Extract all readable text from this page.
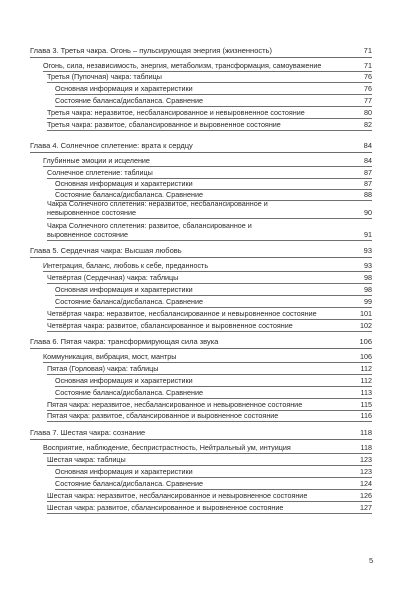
Глава 3. Третья чакра. Огонь – пульсирующая энергия (жизненность)	71
Огонь, сила, независимость, энергия, метаболизм, трансформация, самоуважение	71
Третья (Пупочная) чакра: таблицы	76
Основная информация и характеристики	76
Состояние баланса/дисбаланса. Сравнение	77
Третья чакра: неразвитое, несбалансированное и невыровненное состояние	80
Третья чакра: развитое, сбалансированное и выровненное состояние	82
Глава 4. Солнечное сплетение: врата к сердцу	84
Глубинные эмоции и исцеление	84
Солнечное сплетение: таблицы	87
Основная информация и характеристики	87
Состояние баланса/дисбаланса. Сравнение	88
Чакра Солнечного сплетения: неразвитое, несбалансированное и невыровненное состояние	90
Чакра Солнечного сплетения: развитое, сбалансированное и выровненное состояние	91
Глава 5. Сердечная чакра: Высшая любовь	93
Интеграция, баланс, любовь к себе, преданность	93
Четвёртая (Сердечная) чакра: таблицы	98
Основная информация и характеристики	98
Состояние баланса/дисбаланса. Сравнение	99
Четвёртая чакра: неразвитое, несбалансированное и невыровненное состояние	101
Четвёртая чакра: развитое, сбалансированное и выровненное состояние	102
Глава 6. Пятая чакра: трансформирующая сила звука	106
Коммуникация, вибрация, мост, мантры	106
Пятая (Горловая) чакра: таблицы	112
Основная информация и характеристики	112
Состояние баланса/дисбаланса. Сравнение	113
Пятая чакра: неразвитое, несбалансированное и невыровненное состояние	115
Пятая чакра: развитое, сбалансированное и выровненное состояние	116
Глава 7. Шестая чакра: сознание	118
Восприятие, наблюдение, беспристрастность, Нейтральный ум, интуиция	118
Шестая чакра: таблицы	123
Основная информация и характеристики	123
Состояние баланса/дисбаланса. Сравнение	124
Шестая чакра: неразвитое, несбалансированное и невыровненное состояние	126
Шестая чакра: развитое, сбалансированное и выровненное состояние	127
5
